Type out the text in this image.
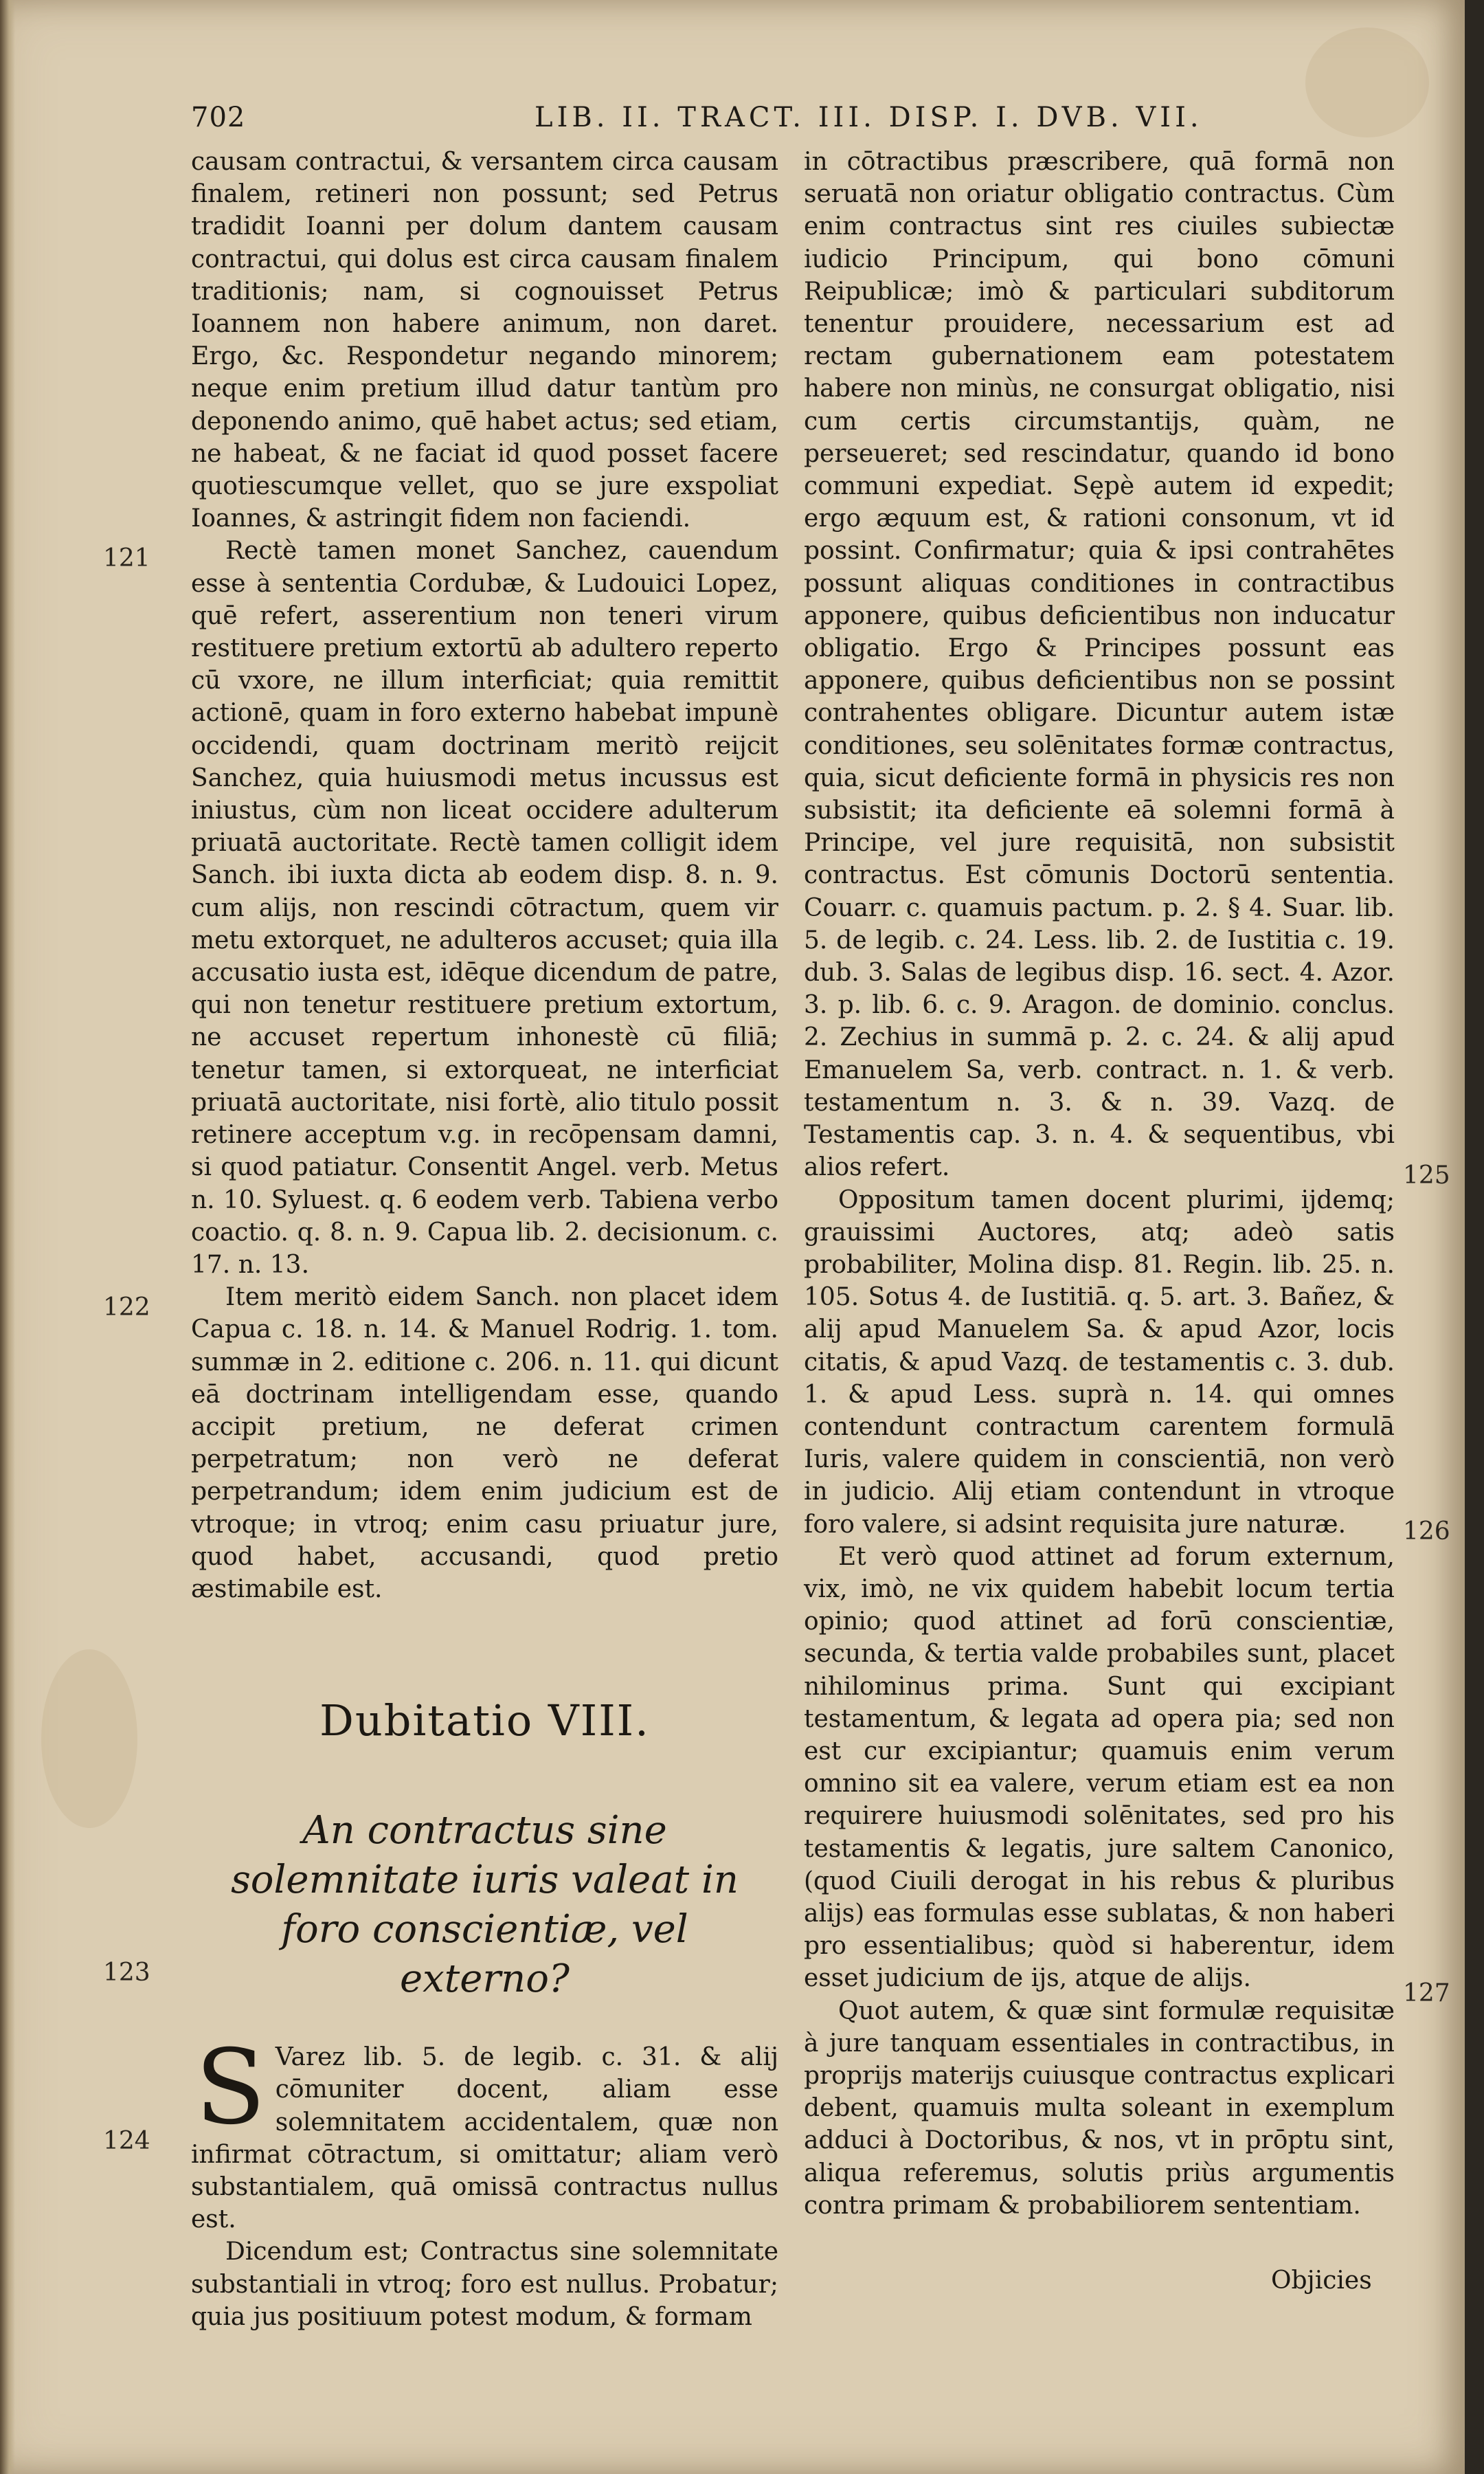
702	LIB. II. TRACT. III. DISP. I. DVB. VII.
121
122
123
124
125
126
127

causam contractui, & versantem circa causam finalem, retineri non possunt; sed Petrus tradidit Ioanni per dolum dantem causam contractui, qui dolus est circa causam finalem traditionis; nam, si cognouisset Petrus Ioannem non habere animum, non daret. Ergo, &c. Respondetur negando minorem; neque enim pretium illud datur tantùm pro deponendo animo, quē habet actus; sed etiam, ne habeat, & ne faciat id quod posset facere quotiescumque vellet, quo se jure exspoliat Ioannes, & astringit fidem non faciendi.

Rectè tamen monet Sanchez, cauendum esse à sententia Cordubæ, & Ludouici Lopez, quē refert, asserentium non teneri virum restituere pretium extortū ab adultero reperto cū vxore, ne illum interficiat; quia remittit actionē, quam in foro externo habebat impunè occidendi, quam doctrinam meritò reijcit Sanchez, quia huiusmodi metus incussus est iniustus, cùm non liceat occidere adulterum priuatā auctoritate. Rectè tamen colligit idem Sanch. ibi iuxta dicta ab eodem disp. 8. n. 9. cum alijs, non rescindi cōtractum, quem vir metu extorquet, ne adulteros accuset; quia illa accusatio iusta est, idēque dicendum de patre, qui non tenetur restituere pretium extortum, ne accuset repertum inhonestè cū filiā; tenetur tamen, si extorqueat, ne interficiat priuatā auctoritate, nisi fortè, alio titulo possit retinere acceptum v.g. in recōpensam damni, si quod patiatur. Consentit Angel. verb. Metus n. 10. Syluest. q. 6 eodem verb. Tabiena verbo coactio. q. 8. n. 9. Capua lib. 2. decisionum. c. 17. n. 13.

Item meritò eidem Sanch. non placet idem Capua c. 18. n. 14. & Manuel Rodrig. 1. tom. summæ in 2. editione c. 206. n. 11. qui dicunt eā doctrinam intelligendam esse, quando accipit pretium, ne deferat crimen perpetratum; non verò ne deferat perpetrandum; idem enim judicium est de vtroque; in vtroq; enim casu priuatur jure, quod habet, accusandi, quod pretio æstimabile est.

Dubitatio VIII.
An contractus sine solemnitate iuris valeat in foro conscientiæ, vel externo?

S Varez lib. 5. de legib. c. 31. & alij cōmuniter docent, aliam esse solemnitatem accidentalem, quæ non infirmat cōtractum, si omittatur; aliam verò substantialem, quā omissā contractus nullus est.

Dicendum est; Contractus sine solemnitate substantiali in vtroq; foro est nullus. Probatur; quia jus positiuum potest modum, & formam

in cōtractibus præscribere, quā formā non seruatā non oriatur obligatio contractus. Cùm enim contractus sint res ciuiles subiectæ iudicio Principum, qui bono cōmuni Reipublicæ; imò & particulari subditorum tenentur prouidere, necessarium est ad rectam gubernationem eam potestatem habere non minùs, ne consurgat obligatio, nisi cum certis circumstantijs, quàm, ne perseueret; sed rescindatur, quando id bono communi expediat. Sępè autem id expedit; ergo æquum est, & rationi consonum, vt id possint. Confirmatur; quia & ipsi contrahētes possunt aliquas conditiones in contractibus apponere, quibus deficientibus non inducatur obligatio. Ergo & Principes possunt eas apponere, quibus deficientibus non se possint contrahentes obligare. Dicuntur autem istæ conditiones, seu solēnitates formæ contractus, quia, sicut deficiente formā in physicis res non subsistit; ita deficiente eā solemni formā à Principe, vel jure requisitā, non subsistit contractus. Est cōmunis Doctorū sententia. Couarr. c. quamuis pactum. p. 2. § 4. Suar. lib. 5. de legib. c. 24. Less. lib. 2. de Iustitia c. 19. dub. 3. Salas de legibus disp. 16. sect. 4. Azor. 3. p. lib. 6. c. 9. Aragon. de dominio. conclus. 2. Zechius in summā p. 2. c. 24. & alij apud Emanuelem Sa, verb. contract. n. 1. & verb. testamentum n. 3. & n. 39. Vazq. de Testamentis cap. 3. n. 4. & sequentibus, vbi alios refert.

Oppositum tamen docent plurimi, ijdemq; grauissimi Auctores, atq; adeò satis probabiliter, Molina disp. 81. Regin. lib. 25. n. 105. Sotus 4. de Iustitiā. q. 5. art. 3. Bañez, & alij apud Manuelem Sa. & apud Azor, locis citatis, & apud Vazq. de testamentis c. 3. dub. 1. & apud Less. suprà n. 14. qui omnes contendunt contractum carentem formulā Iuris, valere quidem in conscientiā, non verò in judicio. Alij etiam contendunt in vtroque foro valere, si adsint requisita jure naturæ.

Et verò quod attinet ad forum externum, vix, imò, ne vix quidem habebit locum tertia opinio; quod attinet ad forū conscientiæ, secunda, & tertia valde probabiles sunt, placet nihilominus prima. Sunt qui excipiant testamentum, & legata ad opera pia; sed non est cur excipiantur; quamuis enim verum omnino sit ea valere, verum etiam est ea non requirere huiusmodi solēnitates, sed pro his testamentis & legatis, jure saltem Canonico, (quod Ciuili derogat in his rebus & pluribus alijs) eas formulas esse sublatas, & non haberi pro essentialibus; quòd si haberentur, idem esset judicium de ijs, atque de alijs.

Quot autem, & quæ sint formulæ requisitæ à jure tanquam essentiales in contractibus, in proprijs materijs cuiusque contractus explicari debent, quamuis multa soleant in exemplum adduci à Doctoribus, & nos, vt in prōptu sint, aliqua referemus, solutis priùs argumentis contra primam & probabiliorem sententiam.

Objicies
